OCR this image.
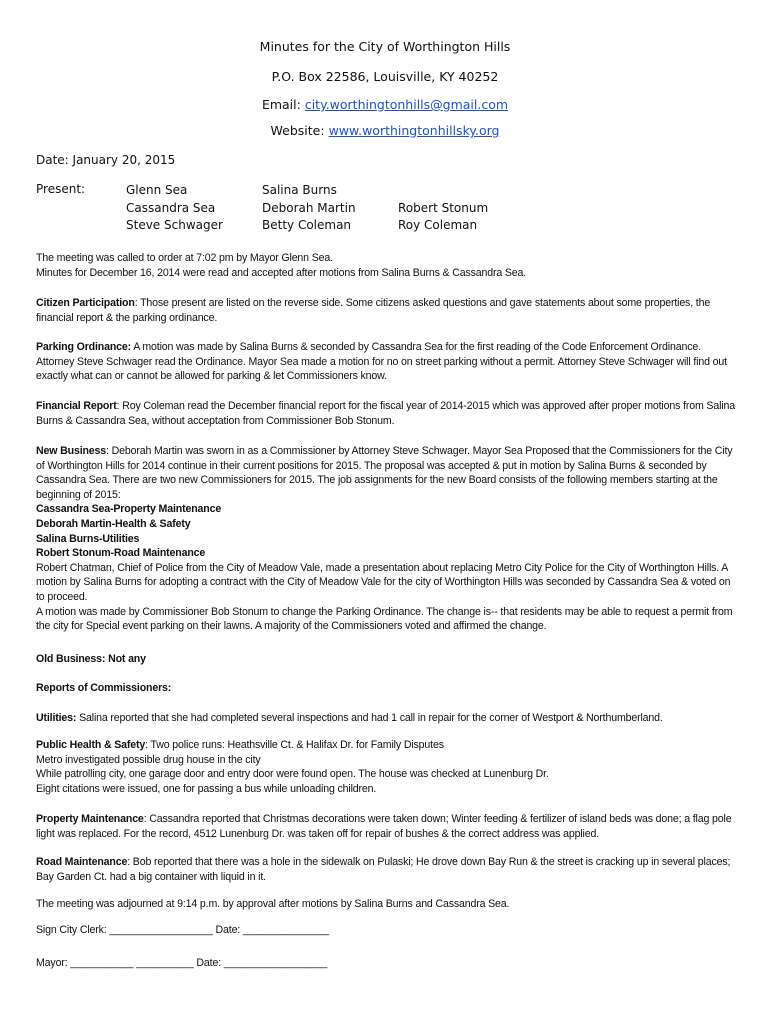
Minutes for the City of Worthington Hills
P.O. Box 22586, Louisville, KY 40252
Email: city.worthingtonhills@gmail.com
Website: www.worthingtonhillsky.org
Date: January 20, 2015
Present:	Glenn Sea
Cassandra Sea
Steve Schwager
Salina Burns
Deborah Martin
Betty Coleman
Robert Stonum
Roy Coleman

The meeting was called to order at 7:02 pm by Mayor Glenn Sea.

Minutes for December 16, 2014 were read and accepted after motions from Salina Burns & Cassandra Sea.

Citizen Participation: Those present are listed on the reverse side. Some citizens asked questions and gave statements about some properties, the financial report & the parking ordinance.

Parking Ordinance: A motion was made by Salina Burns & seconded by Cassandra Sea for the first reading of the Code Enforcement Ordinance. Attorney Steve Schwager read the Ordinance. Mayor Sea made a motion for no on street parking without a permit. Attorney Steve Schwager will find out exactly what can or cannot be allowed for parking & let Commissioners know.

Financial Report: Roy Coleman read the December financial report for the fiscal year of 2014-2015 which was approved after proper motions from Salina Burns & Cassandra Sea, without acceptation from Commissioner Bob Stonum.

New Business: Deborah Martin was sworn in as a Commissioner by Attorney Steve Schwager. Mayor Sea Proposed that the Commissioners for the City of Worthington Hills for 2014 continue in their current positions for 2015. The proposal was accepted & put in motion by Salina Burns & seconded by Cassandra Sea. There are two new Commissioners for 2015. The job assignments for the new Board consists of the following members starting at the beginning of 2015:

Cassandra Sea-Property Maintenance

Deborah Martin-Health & Safety

Salina Burns-Utilities

Robert Stonum-Road Maintenance

Robert Chatman, Chief of Police from the City of Meadow Vale, made a presentation about replacing Metro City Police for the City of Worthington Hills. A motion by Salina Burns for adopting a contract with the City of Meadow Vale for the city of Worthington Hills was seconded by Cassandra Sea & voted on to proceed.

A motion was made by Commissioner Bob Stonum to change the Parking Ordinance. The change is-- that residents may be able to request a permit from the city for Special event parking on their lawns. A majority of the Commissioners voted and affirmed the change.

Old Business: Not any

Reports of Commissioners:

Utilities: Salina reported that she had completed several inspections and had 1 call in repair for the corner of Westport & Northumberland.

Public Health & Safety: Two police runs: Heathsville Ct. & Halifax Dr. for Family Disputes

Metro investigated possible drug house in the city

While patrolling city, one garage door and entry door were found open. The house was checked at Lunenburg Dr.

Eight citations were issued, one for passing a bus while unloading children.

Property Maintenance: Cassandra reported that Christmas decorations were taken down; Winter feeding & fertilizer of island beds was done; a flag pole light was replaced. For the record, 4512 Lunenburg Dr. was taken off for repair of bushes & the correct address was applied.

Road Maintenance: Bob reported that there was a hole in the sidewalk on Pulaski; He drove down Bay Run & the street is cracking up in several places; Bay Garden Ct. had a big container with liquid in it.

The meeting was adjourned at 9:14 p.m. by approval after motions by Salina Burns and Cassandra Sea.

Sign City Clerk: __________________ Date: _______________

Mayor: ___________ __________ Date: __________________
